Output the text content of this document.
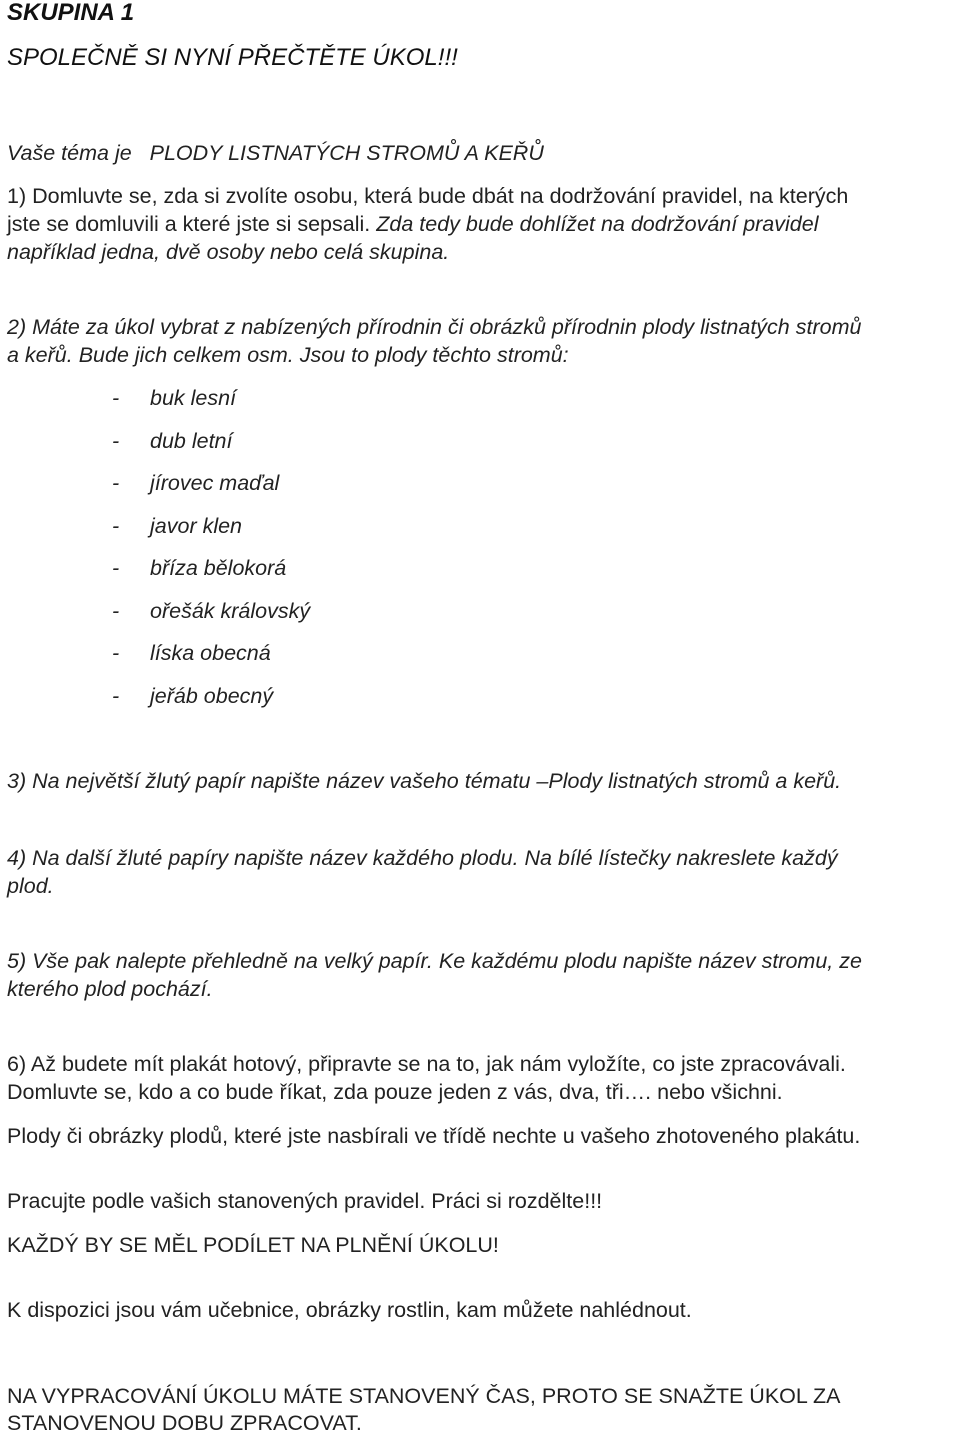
SKUPINA 1
SPOLEČNĚ SI NYNÍ PŘEČTĚTE ÚKOL!!!
Vaše téma je PLODY LISTNATÝCH STROMŮ A KEŘŮ
1) Domluvte se, zda si zvolíte osobu, která bude dbát na dodržování pravidel, na kterých
jste se domluvili a které jste si sepsali. Zda tedy bude dohlížet na dodržování pravidel
například jedna, dvě osoby nebo celá skupina.
2) Máte za úkol vybrat z nabízených přírodnin či obrázků přírodnin plody listnatých stromů
a keřů. Bude jich celkem osm. Jsou to plody těchto stromů:
- buk lesní
- dub letní
- jírovec maďal
- javor klen
- bříza bělokorá
- ořešák královský
- líska obecná
- jeřáb obecný
3) Na největší žlutý papír napište název vašeho tématu –Plody listnatých stromů a keřů.
4) Na další žluté papíry napište název každého plodu. Na bílé lístečky nakreslete každý
plod.
5) Vše pak nalepte přehledně na velký papír. Ke každému plodu napište název stromu, ze
kterého plod pochází.
6) Až budete mít plakát hotový, připravte se na to, jak nám vyložíte, co jste zpracovávali.
Domluvte se, kdo a co bude říkat, zda pouze jeden z vás, dva, tři…. nebo všichni.
Plody či obrázky plodů, které jste nasbírali ve třídě nechte u vašeho zhotoveného plakátu.
Pracujte podle vašich stanovených pravidel. Práci si rozdělte!!!
KAŽDÝ BY SE MĚL PODÍLET NA PLNĚNÍ ÚKOLU!
K dispozici jsou vám učebnice, obrázky rostlin, kam můžete nahlédnout.
NA VYPRACOVÁNÍ ÚKOLU MÁTE STANOVENÝ ČAS, PROTO SE SNAŽTE ÚKOL ZA
STANOVENOU DOBU ZPRACOVAT.
